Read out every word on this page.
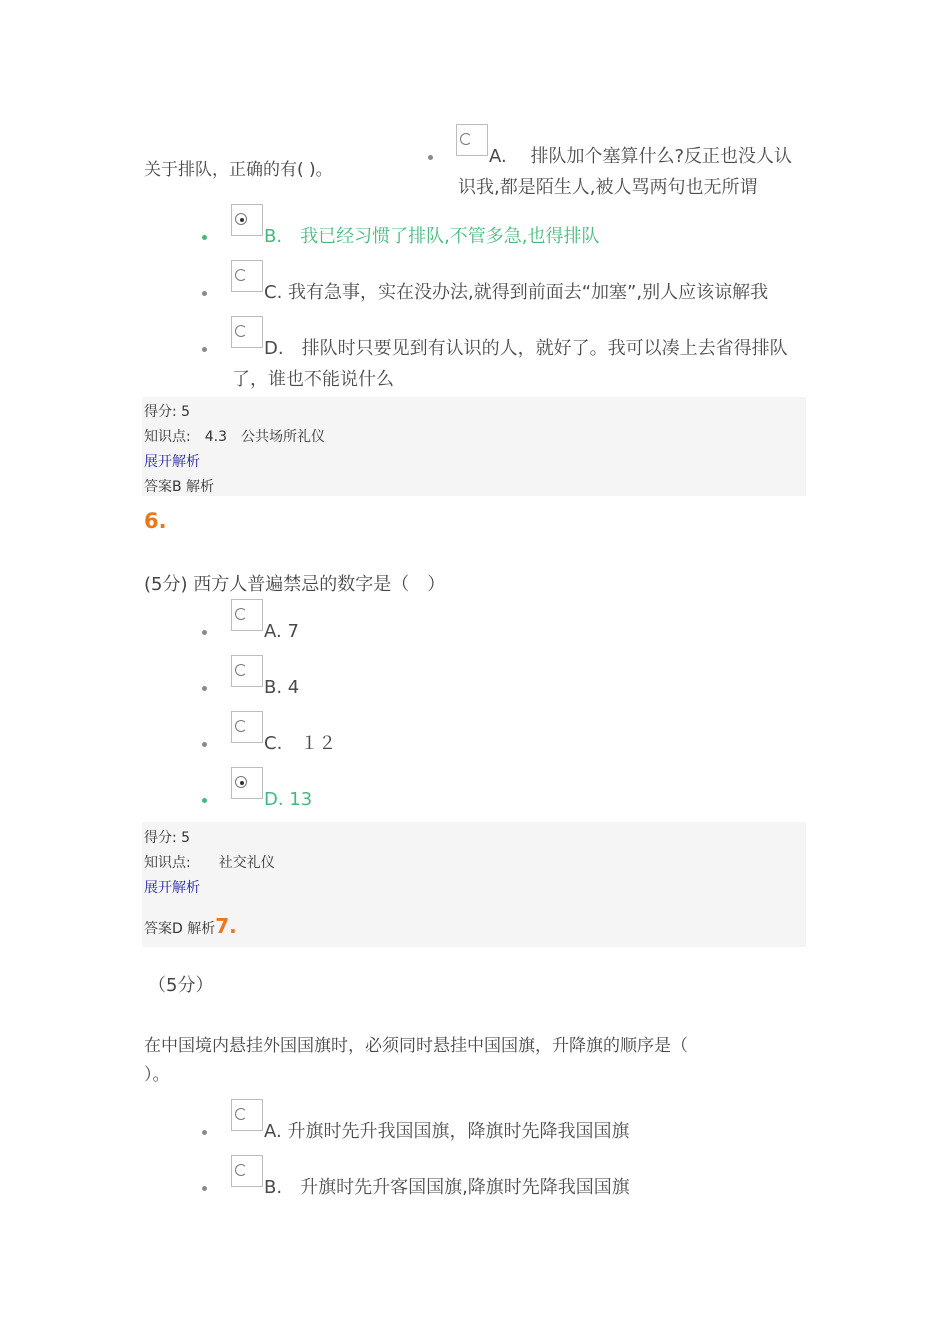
关于排队，正确的有( )。
A.　 排队加个塞算什么?反正也没人认
识我,都是陌生人,被人骂两句也无所谓
B.　我已经习惯了排队,不管多急,也得排队
C. 我有急事，实在没办法,就得到前面去“加塞”,别人应该谅解我
D.　排队时只要见到有认识的人，就好了。我可以凑上去省得排队
了，谁也不能说什么
得分: 5
知识点:　4.3　公共场所礼仪
展开解析
答案B 解析
6.
(5分) 西方人普遍禁忌的数字是（　）
A. 7
B. 4
C.　１２
D. 13
得分: 5
知识点:　　社交礼仪
展开解析
答案D 解析7.
（5分）
在中国境内悬挂外国国旗时，必须同时悬挂中国国旗，升降旗的顺序是（
）。
A. 升旗时先升我国国旗，降旗时先降我国国旗
B.　升旗时先升客国国旗,降旗时先降我国国旗
